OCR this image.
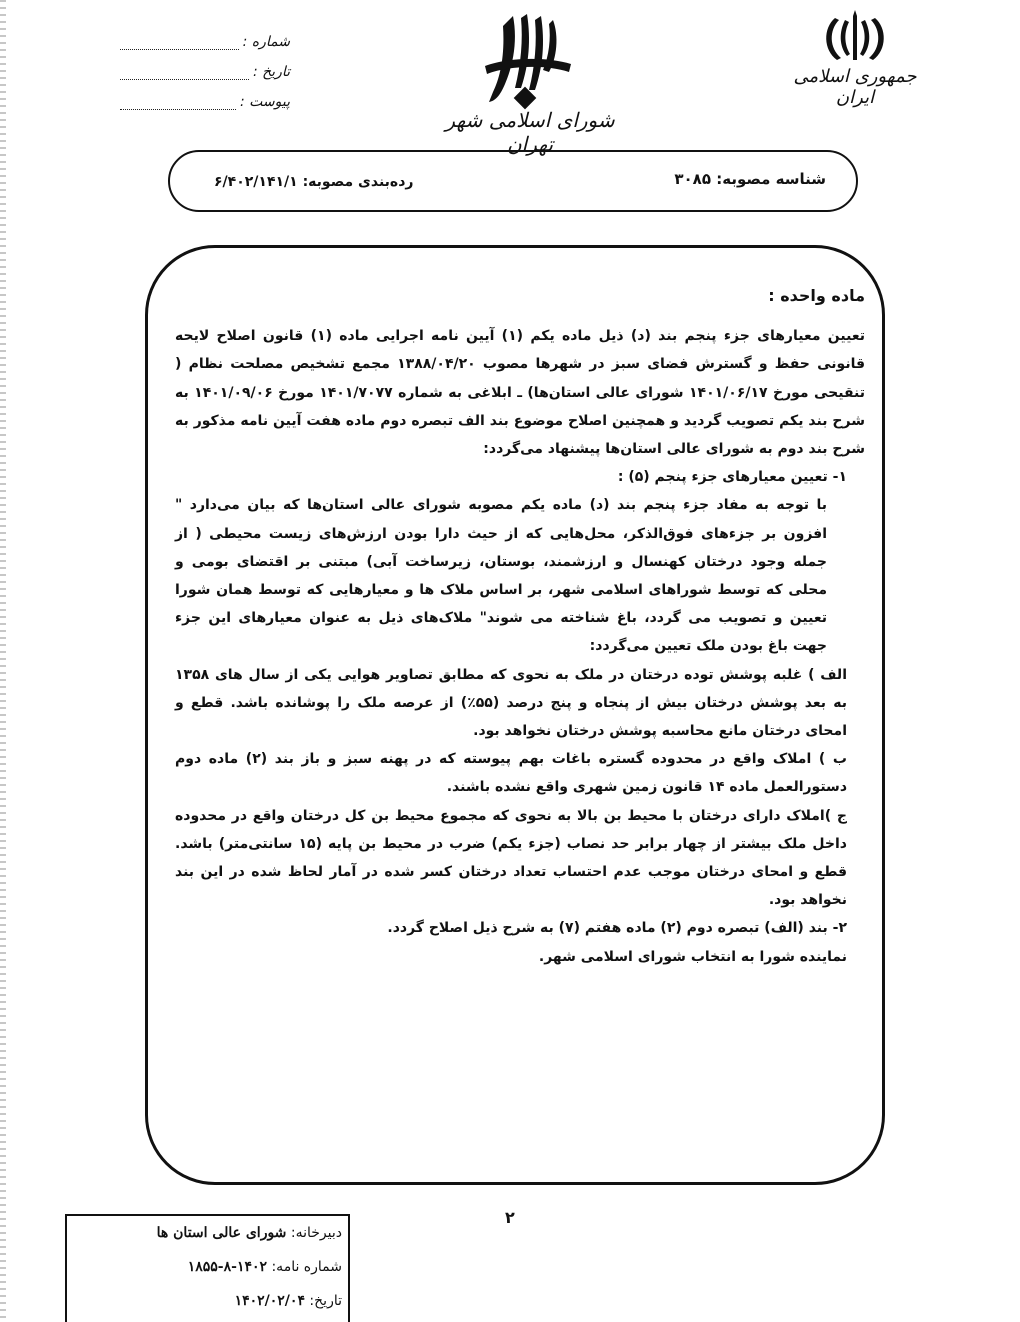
شماره :
تاریخ :
پیوست :
شورای اسلامی شهر تهران
جمهوری اسلامی ایران
شناسه مصوبه: ۳۰۸۵
رده‌بندی مصوبه: ۶/۴۰۲/۱۴۱/۱

ماده واحده :

تعیین معیارهای جزء پنجم بند (د) ذیل ماده یکم (۱) آیین نامه اجرایی ماده (۱) قانون اصلاح لایحه قانونی حفظ و گسترش فضای سبز در شهرها مصوب ۱۳۸۸/۰۴/۲۰ مجمع تشخیص مصلحت نظام ( تنقیحی مورخ ۱۴۰۱/۰۶/۱۷ شورای عالی استان‌ها) ـ ابلاغی به شماره ۱۴۰۱/۷۰۷۷ مورخ ۱۴۰۱/۰۹/۰۶ به شرح بند یکم تصویب گردید و همچنین اصلاح موضوع بند الف تبصره دوم ماده هفت آیین نامه مذکور به شرح بند دوم به شورای عالی استان‌ها پیشنهاد می‌گردد:

۱- تعیین معیارهای جزء پنجم (۵) :

با توجه به مفاد جزء پنجم بند (د) ماده یکم مصوبه شورای عالی استان‌ها که بیان می‌دارد " افزون بر جزءهای فوق‌الذکر، محل‌هایی که از حیث دارا بودن ارزش‌های زیست محیطی ( از جمله وجود درختان کهنسال و ارزشمند، بوستان، زیرساخت آبی) مبتنی بر اقتضای بومی و محلی که توسط شوراهای اسلامی شهر، بر اساس ملاک ها و معیارهایی که توسط همان شورا تعیین و تصویب می گردد، باغ شناخته می شوند" ملاک‌های ذیل به عنوان معیارهای این جزء جهت باغ بودن ملک تعیین می‌گردد:

الف ) غلبه پوشش توده درختان در ملک به نحوی که مطابق تصاویر هوایی یکی از سال های ۱۳۵۸ به بعد پوشش درختان بیش از پنجاه و پنج درصد (۵۵٪) از عرصه ملک را پوشانده باشد. قطع و امحای درختان مانع محاسبه پوشش درختان نخواهد بود.

ب ) املاک واقع در محدوده گستره باغات بهم پیوسته که در پهنه سبز و باز بند (۲) ماده دوم دستورالعمل ماده ۱۴ قانون زمین شهری واقع نشده باشند.

ج )املاک دارای درختان با محیط بن بالا به نحوی که مجموع محیط بن کل درختان واقع در محدوده داخل ملک بیشتر از چهار برابر حد نصاب (جزء یکم) ضرب در محیط بن پایه (۱۵ سانتی‌متر) باشد. قطع و امحای درختان موجب عدم احتساب تعداد درختان کسر شده در آمار لحاظ شده در این بند نخواهد بود.

۲- بند (الف) تبصره دوم (۲) ماده هفتم (۷) به شرح ذیل اصلاح گردد.

نماینده شورا به انتخاب شورای اسلامی شهر.

۲
دبیرخانه: شورای عالی استان ها
شماره نامه: ۱۴۰۲-۸-۱۸۵۵
تاریخ: ۱۴۰۲/۰۲/۰۴
